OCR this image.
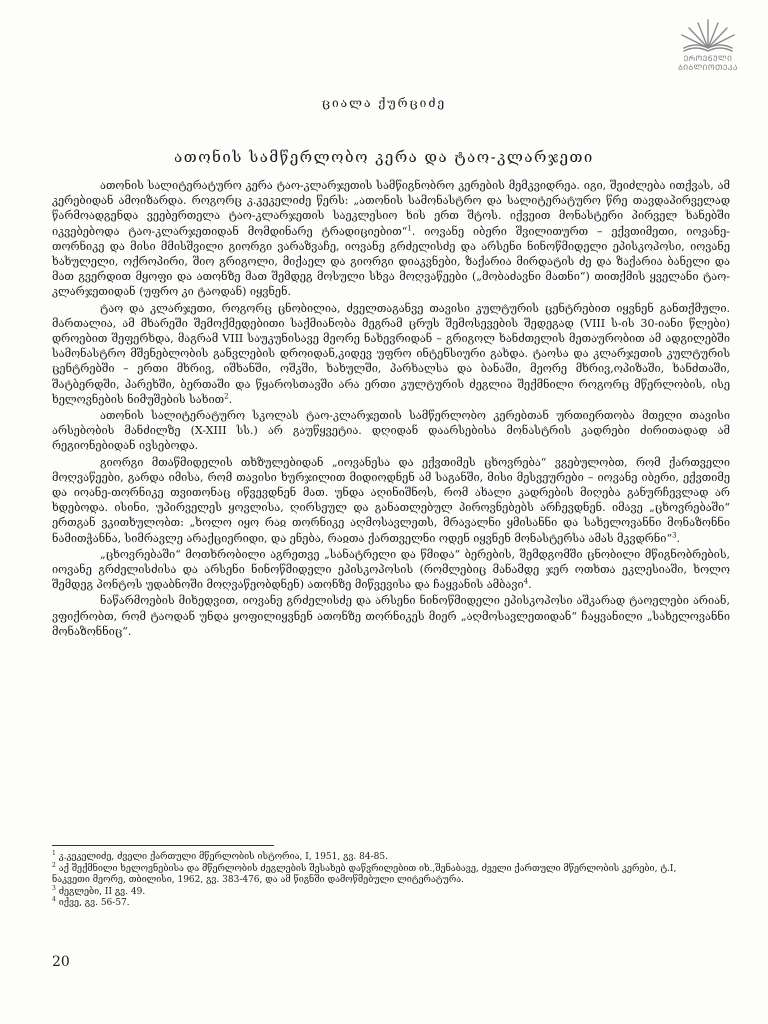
ᲔᲠᲝᲕᲜᲣᲚᲘ
ᲑᲘᲑᲚᲘᲝᲗᲔᲙᲐ
ციალა ქურციძე
ათონის სამწერლობო კერა და ტაო-კლარჯეთი

ათონის სალიტერატურო კერა ტაო-კლარჯეთის სამწიგნობრო კერების მემკვიდრეა. იგი, შეიძლება ითქვას, ამ კერებიდან ამოიზარდა. როგორც კ.კეკელიძე წერს: „ათონის სამონასტრო და სალიტერატურო წრე თავდაპირველად წარმოადგენდა ვეებერთელა ტაო-კლარჯეთის საეკლესიო ხის ერთ შტოს. იქვეით მონასტერი პირველ ხანებში იკვებებოდა ტაო-კლარჯეთიდან მომდინარე ტრადიციებით“$^1$. იოვანე იბერი შვილითურთ – ექვთიმეთი, იოვანე-თორნიკე და მისი მმისშვილი გიორგი ვარაზვაჩე, იოვანე გრძელისძე და არსენი ნინოწმიდელი ეპისკოპოსი, იოვანე ხახულელი, ოქროპირი, შიო გრიგოლი, მიქაელ და გიორგი დიაკვნები, ზაქარია მირდატის ძე და ზაქარია ბანელი და მათ გვერდით მყოფი და ათონზე მათ შემდეგ მოსული სხვა მოღვაწეები („მობაძავნი მათნი“) თითქმის ყველანი ტაო-კლარჯეთიდან (უფრო კი ტაოდან) იყვნენ.

ტაო და კლარჯეთი, როგორც ცნობილია, ძველთაგანვე თავისი კულტურის ცენტრებით იყვნენ განთქმული. მართალია, ამ მხარეში შემოქმედებითი საქმიანობა მეგრამ ცრუს შემოსევების შედეგად (VIII ს-ის 30-იანი წლები) დროებით შეფერხდა, მაგრამ VIII საუკუნისავე მეორე ნახევრიდან – გრიგოლ ხანძთელის მეთაურობით ამ ადგილებში სამონასტრო მშენებლობის განვლების დროიდან,კიდევ უფრო ინტენსიური გახდა. ტაოსა და კლარჯეთის კულტურის ცენტრებში – ერთი მხრივ, იშხანში, ოშკში, ხახულში, პარხალსა და ბანაში, მეორე მხრივ,ოპიზაში, ხანძთაში, შატბერდში, პარეხში, ბერთაში და წყაროსთავში არა ერთი კულტურის ძეგლია შექმნილი როგორც მწერლობის, ისე ხელოვნების ნიმუშების სახით$^2$.

ათონის სალიტერატურო სკოლას ტაო-კლარჯეთის სამწერლობო კერებთან ურთიერთობა მთელი თავისი არსებობის მანძილზე (X-XIII სს.) არ გაუწყვეტია. დღიდან დაარსებისა მონასტრის კადრები ძირითადად ამ რეგიონებიდან ივსებოდა.

გიორგი მთაწმიდელის თხზულებიდან „იოვანესა და ექვთიმეს ცხოვრება“ ვგებულობთ, რომ ქართველი მოღვაწეები, გარდა იმისა, რომ თავისი ხურჯილით მიდიოდნენ ამ საგანში, მისი მესვეურები – იოვანე იბერი, ექვთიმე და იოანე-თორნიკე თვითონაც იწვევდნენ მათ. უნდა აღინიშნოს, რომ ახალი კადრების მიღება განურჩევლად არ ხდებოდა. ისინი, უპირველეს ყოვლისა, ღირსეულ და განათლებულ პიროვნებებს არჩევდნენ. იმავე „ცხოვრებაში“ ერთგან ვკითხულობთ: „ხოლო იყო რაჲ თორნიკე აღმოსავლეთს, მრავალნი ყმისანნი და სახელოვანნი მონაზონნი ნამითჭანნა, სიმრავლე არაქციერიდი, და ენება, რაჲთა ქართველნი ოდენ იყვნენ მონასტერსა ამას მკვდრნი“$^3$.

„ცხოვრებაში“ მოთხრობილი აგრეთვე „სანატრელი და წმიდა“ ბერების, შემდგომში ცნობილი მწიგნობრების, იოვანე გრძელისძისა და არსენი ნინოწმიდელი ეპისკოპოსის (რომლებიც მანამდე ჯერ ოთხთა ეკლესიაში, ხოლო შემდეგ პონტოს უდაბნოში მოღვაწეობდნენ) ათონზე მიწვევისა და ჩაყვანის ამბავი$^4$.

ნაწარმოების მიხედვით, იოვანე გრძელისძე და არსენი ნინოწმიდელი ეპისკოპოსი აშკარად ტაოელები არიან, ვფიქრობთ, რომ ტაოდან უნდა ყოფილიყვნენ ათონზე თორნიკეს მიერ „აღმოსავლეთიდან“ ჩაყვანილი „სახელოვანნი მონაზონნიც“.

$^1$ კ.კეკელიძე, ძველი ქართული მწერლობის ისტორია, I, 1951, გვ. 84-85.

$^2$ აქ შექმნილი ხელოვნებისა და მწერლობის ძეგლების შესახებ დაწვრილებით იხ.,შენაბავე, ძველი ქართული მწერლობის კერები, ტ.I, ნაკვეთი მეორე, თბილისი, 1962, გვ. 383-476, და ამ წიგნში დამოწმებული ლიტერატურა.

$^3$ ძეგლები, II გვ. 49.

$^4$ იქვე, გვ. 56-57.

20
